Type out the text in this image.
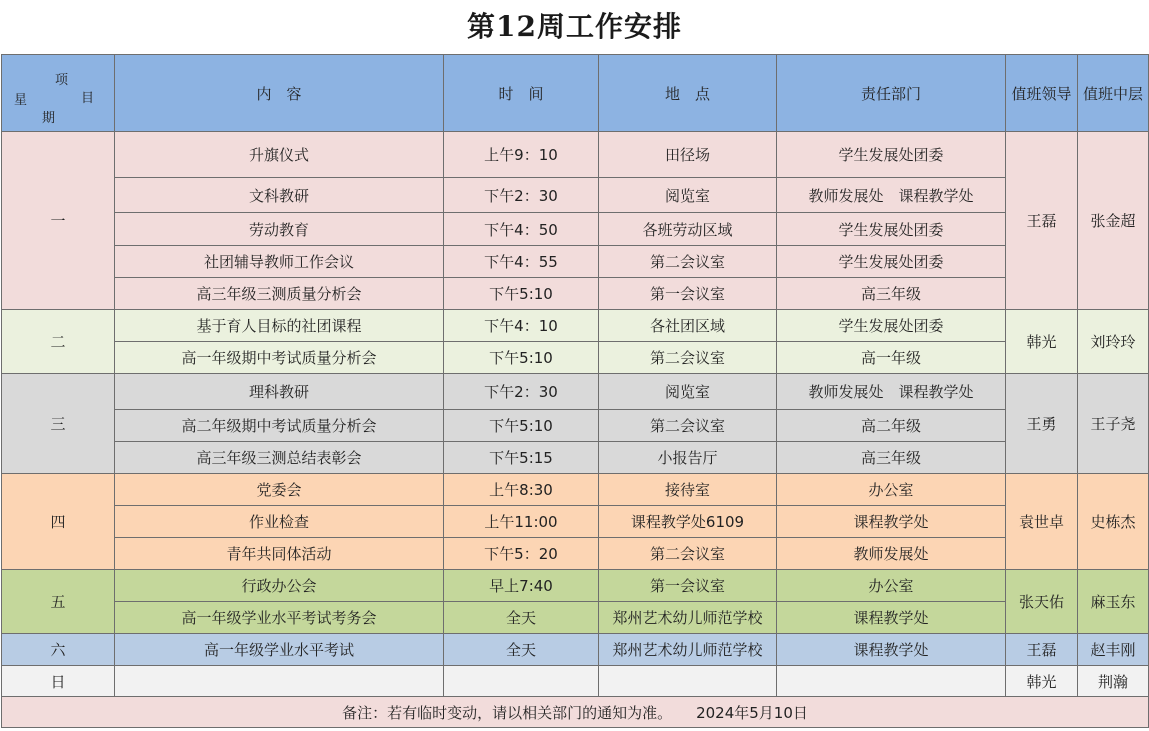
第12周工作安排
项
目
星
期	内　容	时　间	地　点	责任部门	值班领导	值班中层
一	升旗仪式	上午9：10	田径场	学生发展处团委	王磊	张金超
	文科教研	下午2：30	阅览室	教师发展处　课程教学处		
	劳动教育	下午4：50	各班劳动区域	学生发展处团委		
	社团辅导教师工作会议	下午4：55	第二会议室	学生发展处团委		
	高三年级三测质量分析会	下午5:10	第一会议室	高三年级		
二	基于育人目标的社团课程	下午4：10	各社团区域	学生发展处团委	韩光	刘玲玲
	高一年级期中考试质量分析会	下午5:10	第二会议室	高一年级		
三	理科教研	下午2：30	阅览室	教师发展处　课程教学处	王勇	王子尧
	高二年级期中考试质量分析会	下午5:10	第二会议室	高二年级		
	高三年级三测总结表彰会	下午5:15	小报告厅	高三年级		
四	党委会	上午8:30	接待室	办公室	袁世卓	史栋杰
	作业检查	上午11:00	课程教学处6109	课程教学处		
	青年共同体活动	下午5：20	第二会议室	教师发展处		
五	行政办公会	早上7:40	第一会议室	办公室	张天佑	麻玉东
	高一年级学业水平考试考务会	全天	郑州艺术幼儿师范学校	课程教学处		
六	高一年级学业水平考试	全天	郑州艺术幼儿师范学校	课程教学处	王磊	赵丰刚
日					韩光	荆瀚
备注：若有临时变动，请以相关部门的通知为准。 2024年5月10日						
